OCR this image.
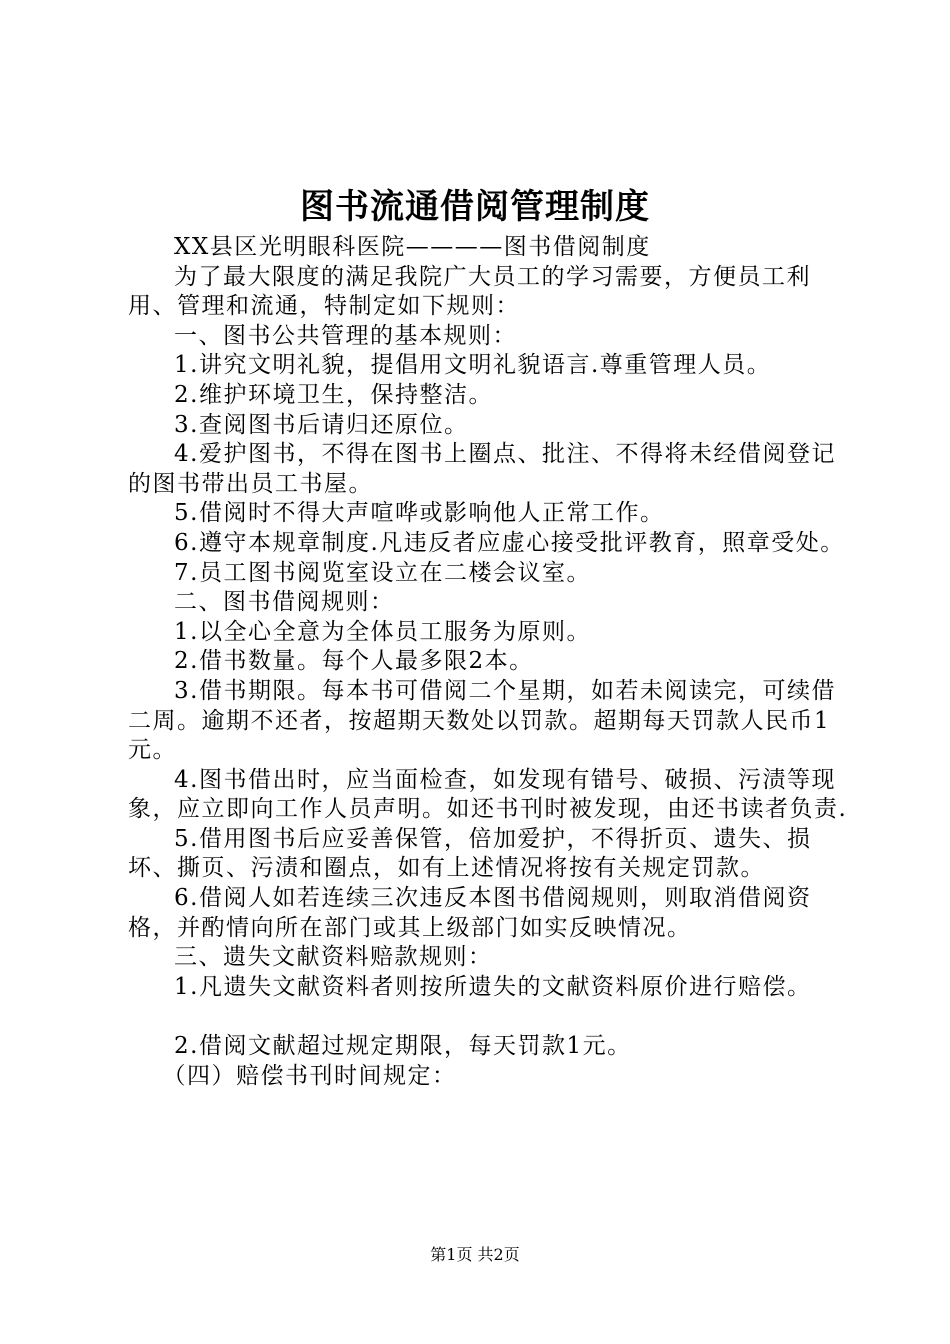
图书流通借阅管理制度

XX县区光明眼科医院————图书借阅制度

为了最大限度的满足我院广大员工的学习需要，方便员工利用、管理和流通，特制定如下规则：

一、图书公共管理的基本规则：

1.讲究文明礼貌，提倡用文明礼貌语言.尊重管理人员。

2.维护环境卫生，保持整洁。

3.查阅图书后请归还原位。

4.爱护图书，不得在图书上圈点、批注、不得将未经借阅登记的图书带出员工书屋。

5.借阅时不得大声喧哗或影响他人正常工作。

6.遵守本规章制度.凡违反者应虚心接受批评教育，照章受处。

7.员工图书阅览室设立在二楼会议室。

二、图书借阅规则：

1.以全心全意为全体员工服务为原则。

2.借书数量。每个人最多限2本。

3.借书期限。每本书可借阅二个星期，如若未阅读完，可续借二周。逾期不还者，按超期天数处以罚款。超期每天罚款人民币1元。

4.图书借出时，应当面检查，如发现有错号、破损、污渍等现象，应立即向工作人员声明。如还书刊时被发现，由还书读者负责.

5.借用图书后应妥善保管，倍加爱护，不得折页、遗失、损坏、撕页、污渍和圈点，如有上述情况将按有关规定罚款。

6.借阅人如若连续三次违反本图书借阅规则，则取消借阅资格，并酌情向所在部门或其上级部门如实反映情况。

三、遗失文献资料赔款规则：

1.凡遗失文献资料者则按所遗失的文献资料原价进行赔偿。

2.借阅文献超过规定期限，每天罚款1元。

（四）赔偿书刊时间规定：

第1页 共2页
